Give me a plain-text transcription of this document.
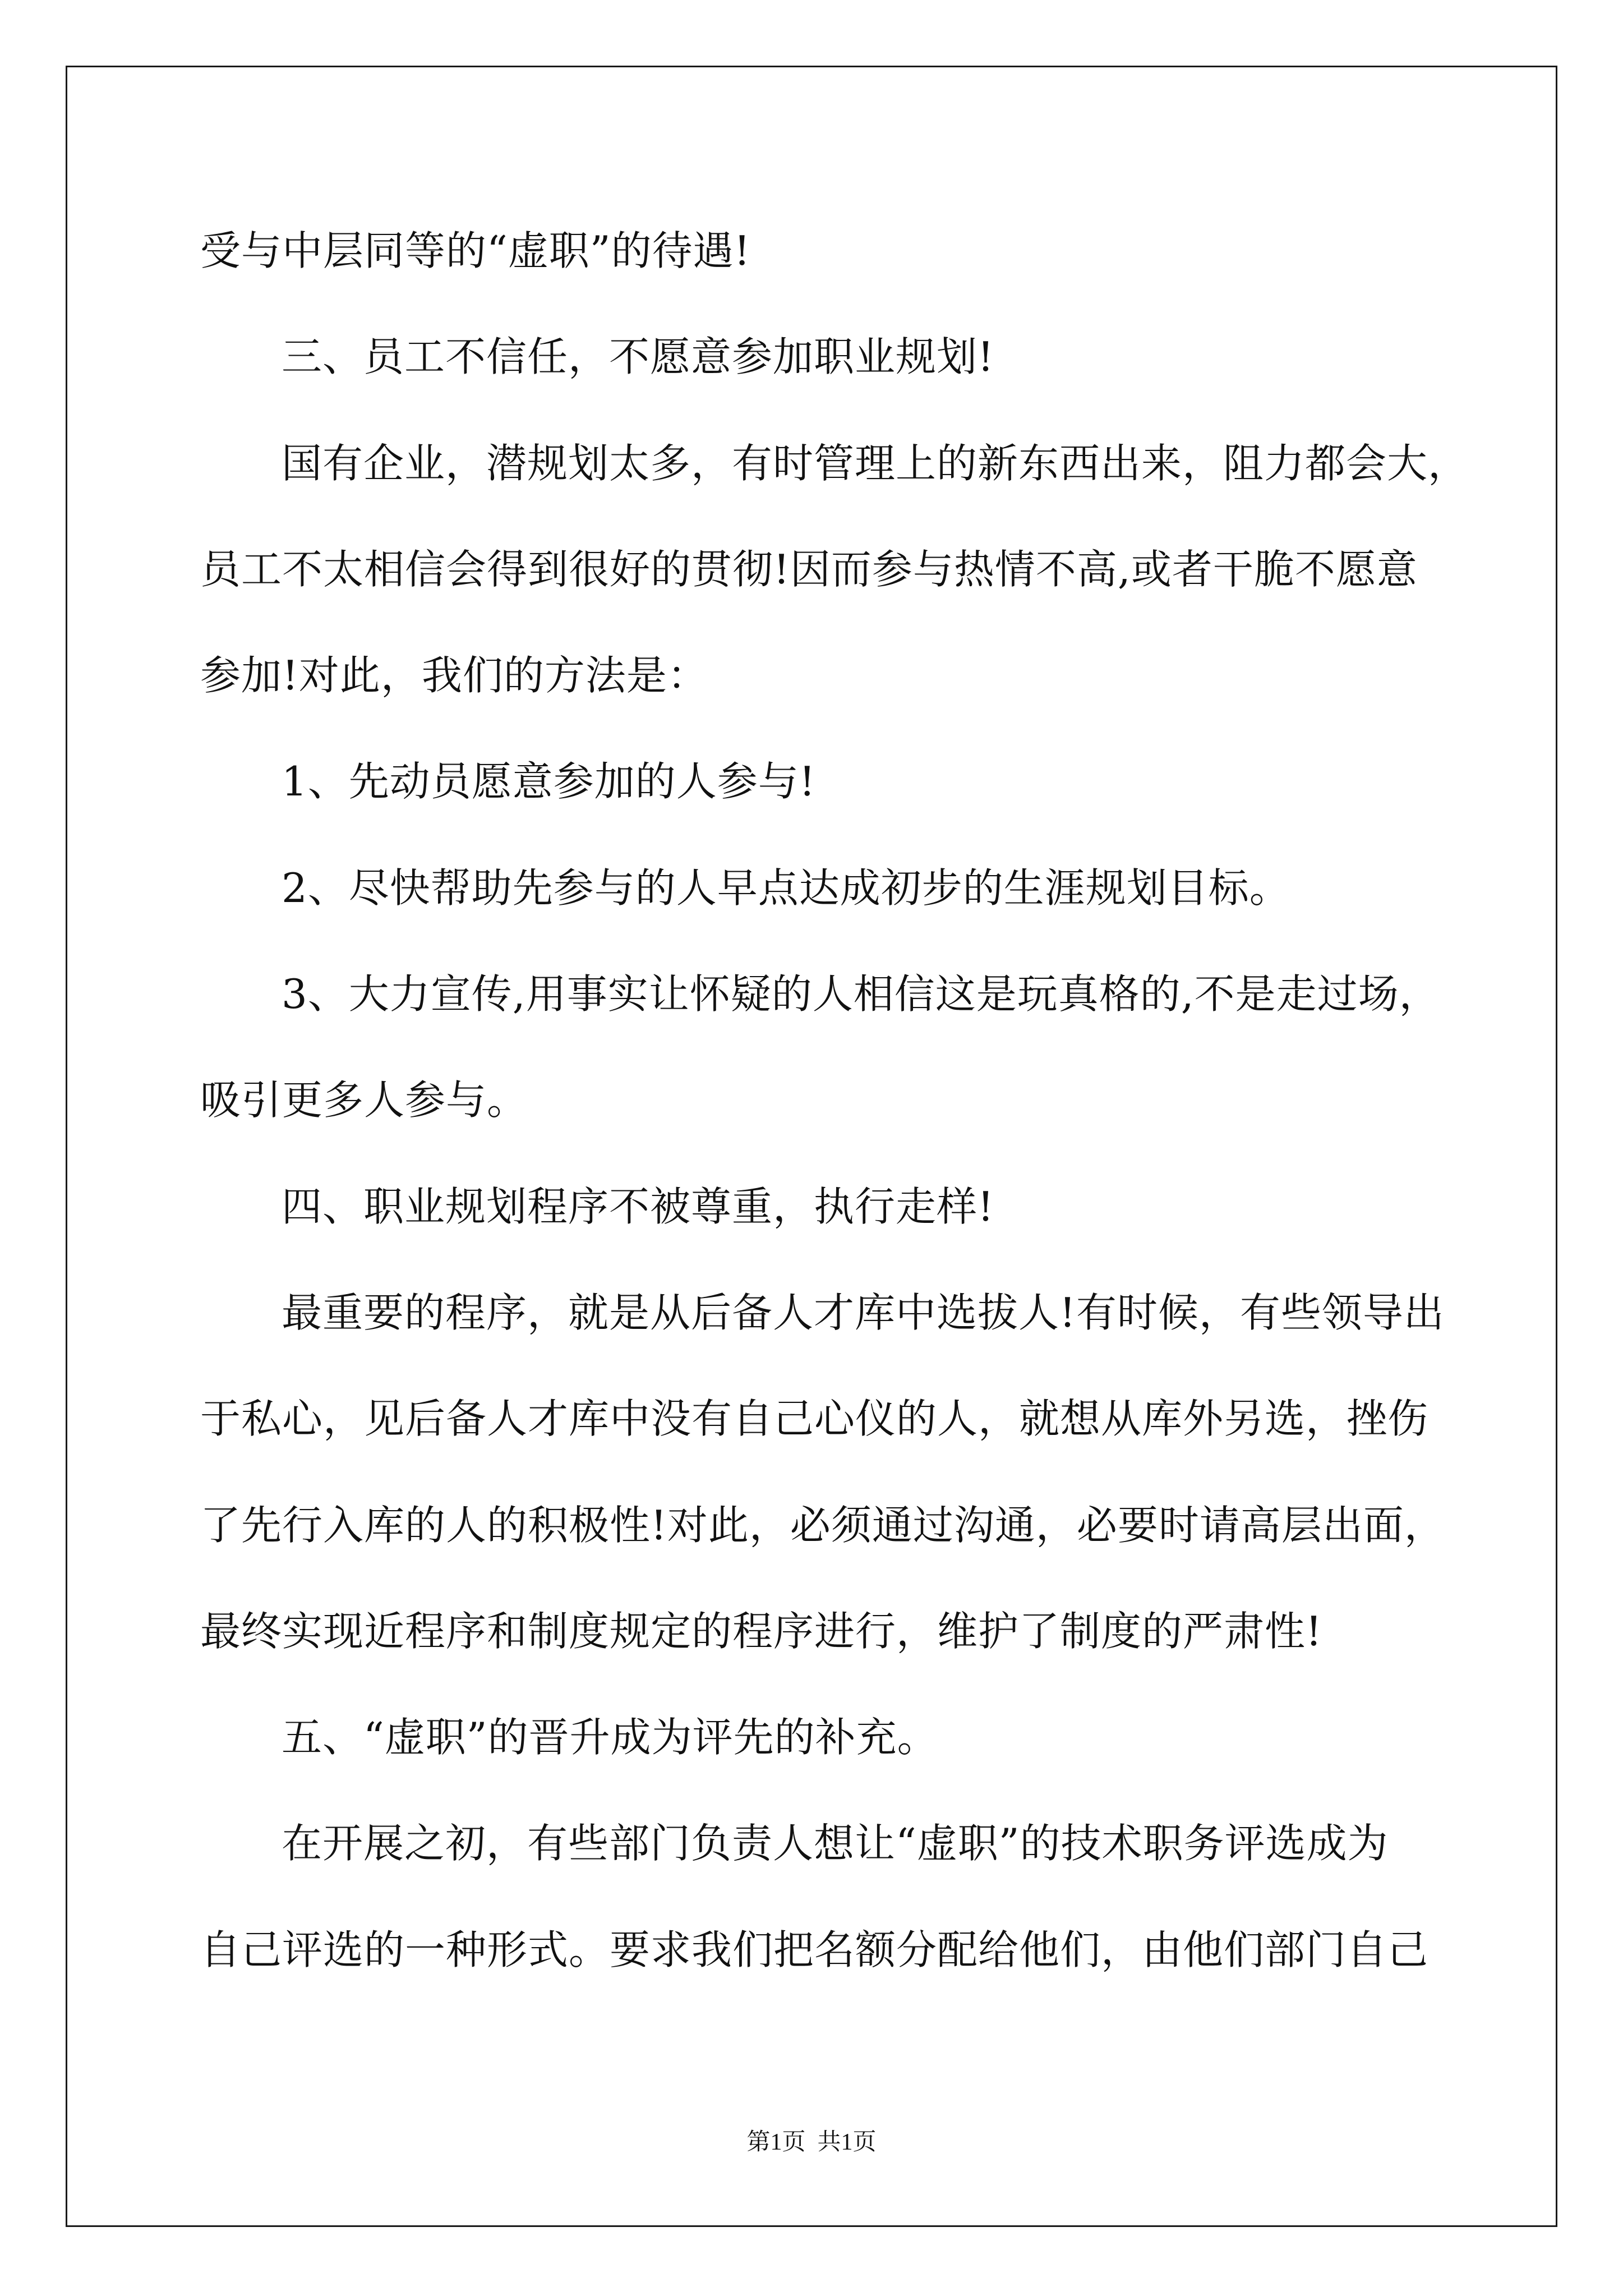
受与中层同等的“虚职”的待遇!
三、员工不信任，不愿意参加职业规划!
国有企业，潜规划太多，有时管理上的新东西出来，阻力都会大，
员工不太相信会得到很好的贯彻!因而参与热情不高,或者干脆不愿意
参加!对此，我们的方法是：
1、先动员愿意参加的人参与!
2、尽快帮助先参与的人早点达成初步的生涯规划目标。
3、大力宣传,用事实让怀疑的人相信这是玩真格的,不是走过场，
吸引更多人参与。
四、职业规划程序不被尊重，执行走样!
最重要的程序，就是从后备人才库中选拔人!有时候，有些领导出
于私心，见后备人才库中没有自己心仪的人，就想从库外另选，挫伤
了先行入库的人的积极性!对此，必须通过沟通，必要时请高层出面，
最终实现近程序和制度规定的程序进行，维护了制度的严肃性!
五、“虚职”的晋升成为评先的补充。
在开展之初，有些部门负责人想让“虚职”的技术职务评选成为
自己评选的一种形式。要求我们把名额分配给他们，由他们部门自己
第1页  共1页
